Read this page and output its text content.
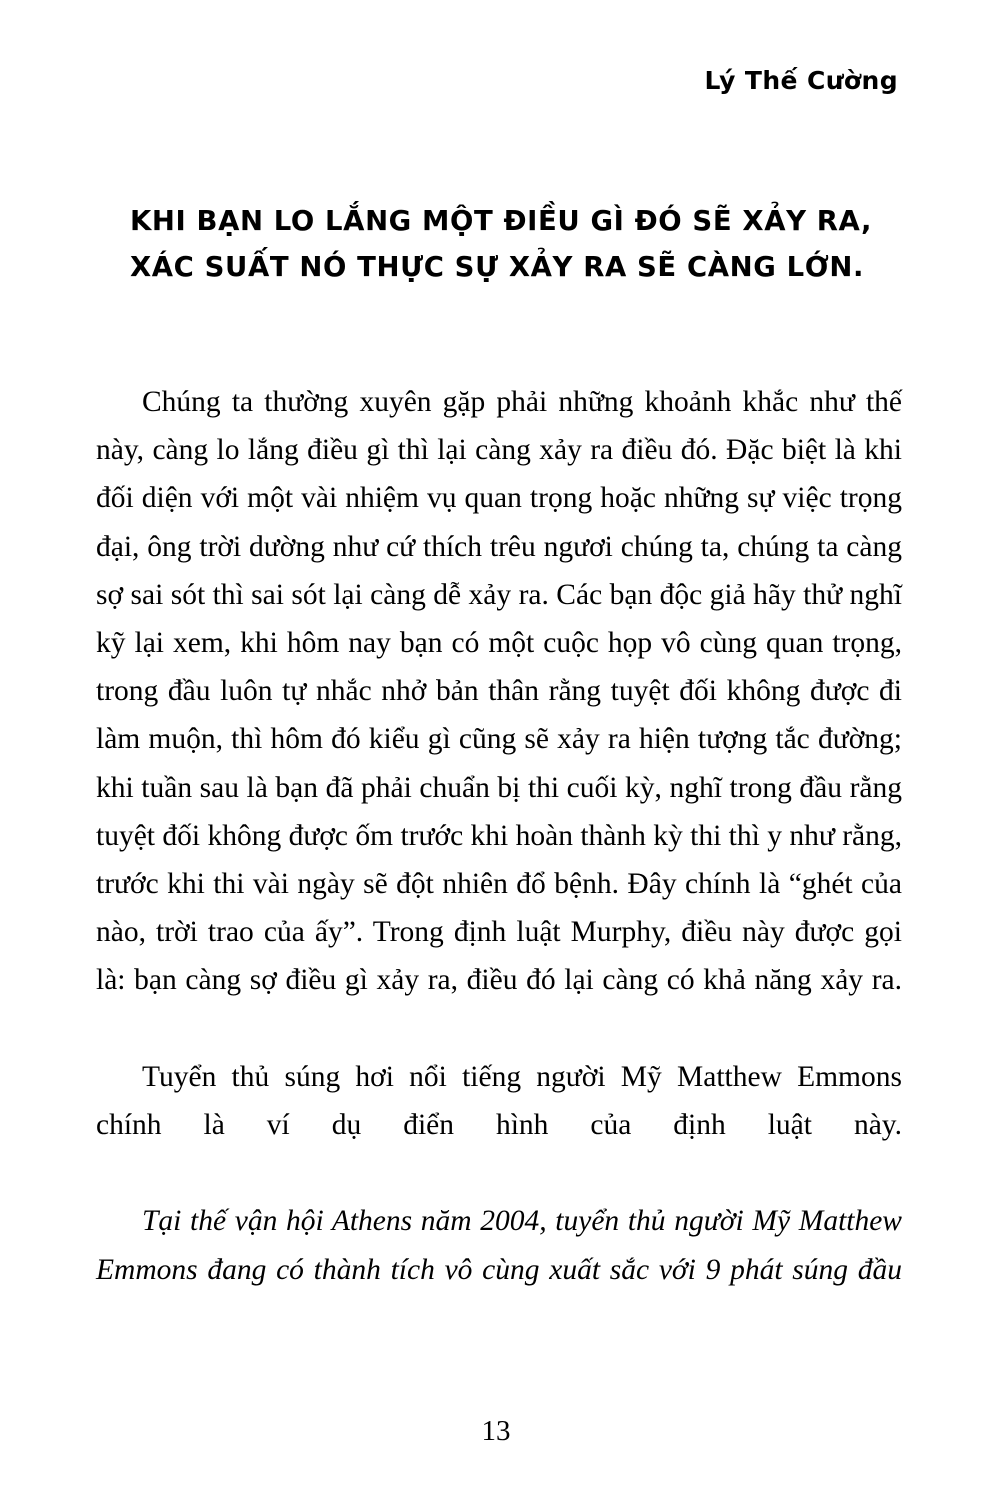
Lý Thế Cường
KHI BẠN LO LẮNG MỘT ĐIỀU GÌ ĐÓ SẼ XẢY RA,
XÁC SUẤT NÓ THỰC SỰ XẢY RA SẼ CÀNG LỚN.

Chúng ta thường xuyên gặp phải những khoảnh khắc như thế này, càng lo lắng điều gì thì lại càng xảy ra điều đó. Đặc biệt là khi đối diện với một vài nhiệm vụ quan trọng hoặc những sự việc trọng đại, ông trời dường như cứ thích trêu ngươi chúng ta, chúng ta càng sợ sai sót thì sai sót lại càng dễ xảy ra. Các bạn độc giả hãy thử nghĩ kỹ lại xem, khi hôm nay bạn có một cuộc họp vô cùng quan trọng, trong đầu luôn tự nhắc nhở bản thân rằng tuyệt đối không được đi làm muộn, thì hôm đó kiểu gì cũng sẽ xảy ra hiện tượng tắc đường; khi tuần sau là bạn đã phải chuẩn bị thi cuối kỳ, nghĩ trong đầu rằng tuyệt đối không được ốm trước khi hoàn thành kỳ thi thì y như rằng, trước khi thi vài ngày sẽ đột nhiên đổ bệnh. Đây chính là “ghét của nào, trời trao của ấy”. Trong định luật Murphy, điều này được gọi là: bạn càng sợ điều gì xảy ra, điều đó lại càng có khả năng xảy ra.

Tuyển thủ súng hơi nổi tiếng người Mỹ Matthew Emmons chính là ví dụ điển hình của định luật này.

Tại thế vận hội Athens năm 2004, tuyển thủ người Mỹ Matthew Emmons đang có thành tích vô cùng xuất sắc với 9 phát súng đầu

13
